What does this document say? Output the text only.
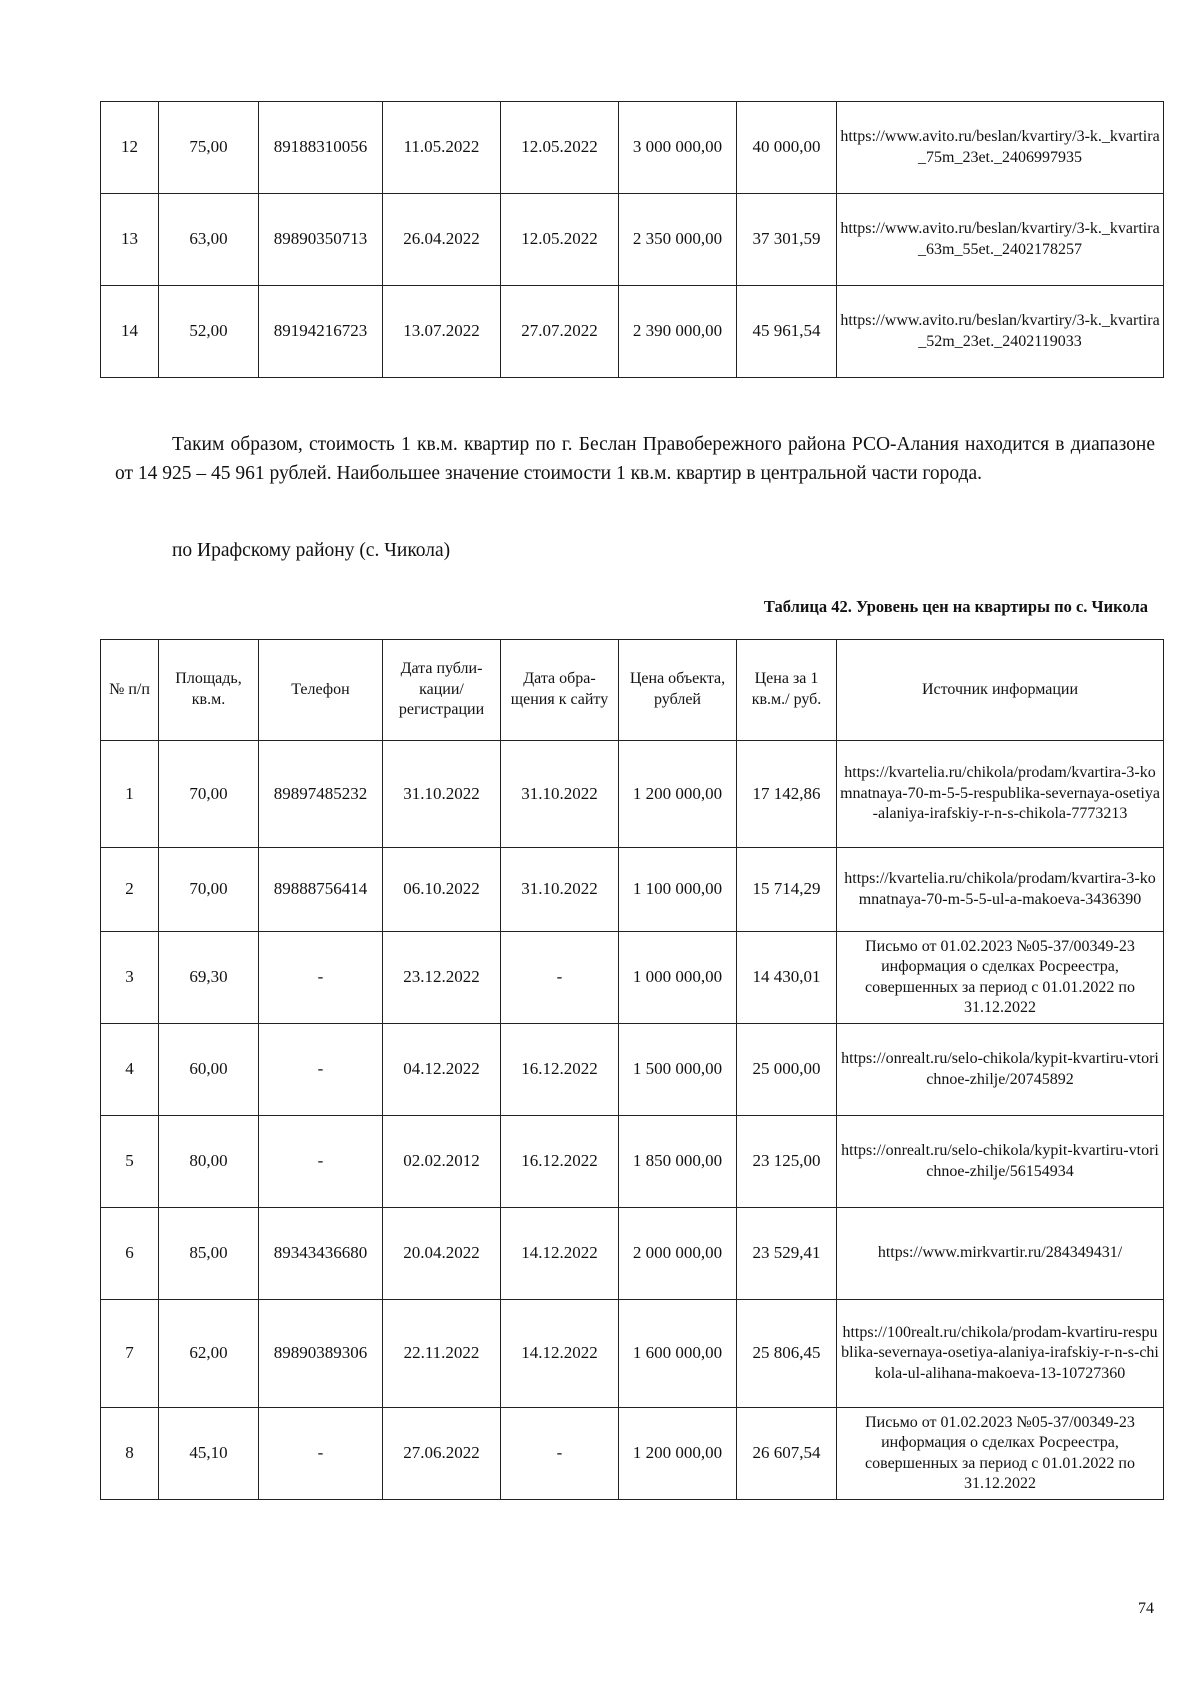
12	75,00	89188310056	11.05.2022	12.05.2022	3 000 000,00	40 000,00	https://www.avito.ru/beslan/kvartiry/3-k._kvartira_75m_23et._2406997935
13	63,00	89890350713	26.04.2022	12.05.2022	2 350 000,00	37 301,59	https://www.avito.ru/beslan/kvartiry/3-k._kvartira_63m_55et._2402178257
14	52,00	89194216723	13.07.2022	27.07.2022	2 390 000,00	45 961,54	https://www.avito.ru/beslan/kvartiry/3-k._kvartira_52m_23et._2402119033
Таким образом, стоимость 1 кв.м. квартир по г. Беслан Правобережного района РСО-Алания находится в диапазоне от 14 925 – 45 961 рублей. Наибольшее значение стоимости 1 кв.м. квартир в центральной части города.
по Ирафскому району (с. Чикола)
Таблица 42. Уровень цен на квартиры по с. Чикола
№ п/п	Площадь, кв.м.	Телефон	Дата публи-кации/ регистрации	Дата обра-щения к сайту	Цена объекта, рублей	Цена за 1 кв.м./ руб.	Источник информации
1	70,00	89897485232	31.10.2022	31.10.2022	1 200 000,00	17 142,86	https://kvartelia.ru/chikola/prodam/kvartira-3-komnatnaya-70-m-5-5-respublika-severnaya-osetiya-alaniya-irafskiy-r-n-s-chikola-7773213
2	70,00	89888756414	06.10.2022	31.10.2022	1 100 000,00	15 714,29	https://kvartelia.ru/chikola/prodam/kvartira-3-komnatnaya-70-m-5-5-ul-a-makoeva-3436390
3	69,30	-	23.12.2022	-	1 000 000,00	14 430,01	Письмо от 01.02.2023 №05-37/00349-23 информация о сделках Росреестра, совершенных за период с 01.01.2022 по 31.12.2022
4	60,00	-	04.12.2022	16.12.2022	1 500 000,00	25 000,00	https://onrealt.ru/selo-chikola/kypit-kvartiru-vtorichnoe-zhilje/20745892
5	80,00	-	02.02.2012	16.12.2022	1 850 000,00	23 125,00	https://onrealt.ru/selo-chikola/kypit-kvartiru-vtorichnoe-zhilje/56154934
6	85,00	89343436680	20.04.2022	14.12.2022	2 000 000,00	23 529,41	https://www.mirkvartir.ru/284349431/
7	62,00	89890389306	22.11.2022	14.12.2022	1 600 000,00	25 806,45	https://100realt.ru/chikola/prodam-kvartiru-respublika-severnaya-osetiya-alaniya-irafskiy-r-n-s-chikola-ul-alihana-makoeva-13-10727360
8	45,10	-	27.06.2022	-	1 200 000,00	26 607,54	Письмо от 01.02.2023 №05-37/00349-23 информация о сделках Росреестра, совершенных за период с 01.01.2022 по 31.12.2022
74
